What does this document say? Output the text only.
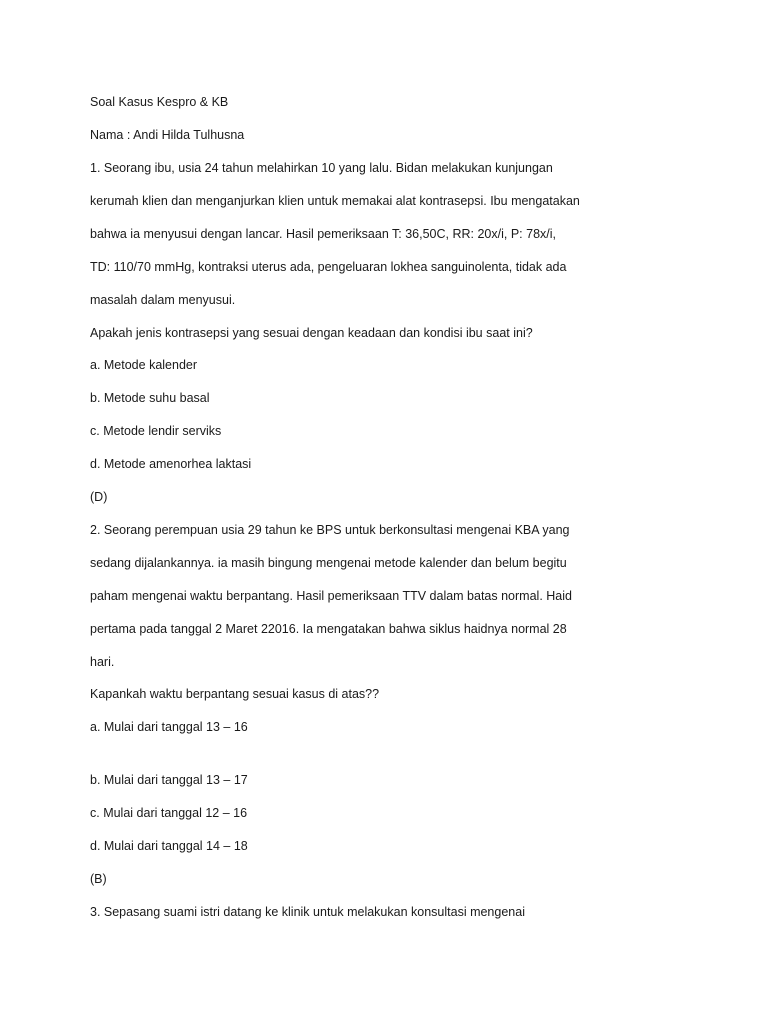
Soal Kasus Kespro & KB
Nama : Andi Hilda Tulhusna
1. Seorang ibu, usia 24 tahun melahirkan 10 yang lalu. Bidan melakukan kunjungan
kerumah klien dan menganjurkan klien untuk memakai alat kontrasepsi. Ibu mengatakan
bahwa ia menyusui dengan lancar. Hasil pemeriksaan T: 36,50C, RR: 20x/i, P: 78x/i,
TD: 110/70 mmHg, kontraksi uterus ada, pengeluaran lokhea sanguinolenta, tidak ada
masalah dalam menyusui.
Apakah jenis kontrasepsi yang sesuai dengan keadaan dan kondisi ibu saat ini?
a. Metode kalender
b. Metode suhu basal
c. Metode lendir serviks
d. Metode amenorhea laktasi
(D)
2. Seorang perempuan usia 29 tahun ke BPS untuk berkonsultasi mengenai KBA yang
sedang dijalankannya. ia masih bingung mengenai metode kalender dan belum begitu
paham mengenai waktu berpantang. Hasil pemeriksaan TTV dalam batas normal. Haid
pertama pada tanggal 2 Maret 22016. Ia mengatakan bahwa siklus haidnya normal 28
hari.
Kapankah waktu berpantang sesuai kasus di atas??
a. Mulai dari tanggal 13 – 16
b. Mulai dari tanggal 13 – 17
c. Mulai dari tanggal 12 – 16
d. Mulai dari tanggal 14 – 18
(B)
3. Sepasang suami istri datang ke klinik untuk melakukan konsultasi mengenai
